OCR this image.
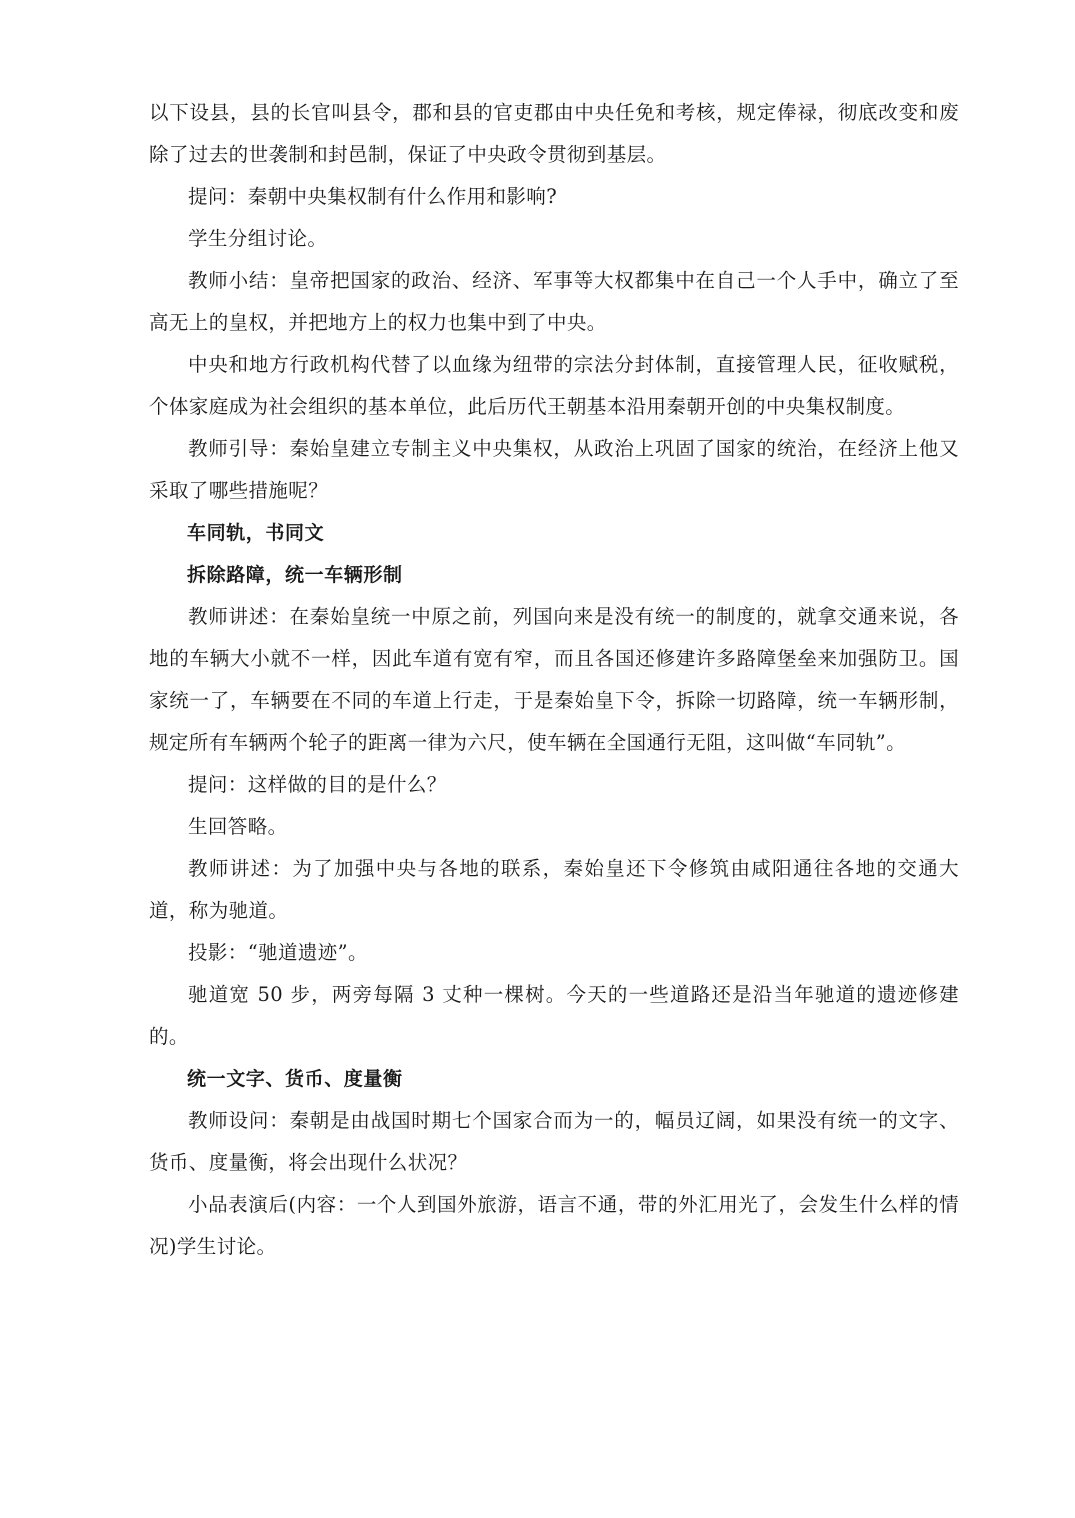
以下设县，县的长官叫县令，郡和县的官吏郡由中央任免和考核，规定俸禄，彻底改变和废除了过去的世袭制和封邑制，保证了中央政令贯彻到基层。

提问：秦朝中央集权制有什么作用和影响?

学生分组讨论。

教师小结：皇帝把国家的政治、经济、军事等大权都集中在自己一个人手中，确立了至高无上的皇权，并把地方上的权力也集中到了中央。

中央和地方行政机构代替了以血缘为纽带的宗法分封体制，直接管理人民，征收赋税，个体家庭成为社会组织的基本单位，此后历代王朝基本沿用秦朝开创的中央集权制度。

教师引导：秦始皇建立专制主义中央集权，从政治上巩固了国家的统治，在经济上他又采取了哪些措施呢？

车同轨，书同文

拆除路障，统一车辆形制

教师讲述：在秦始皇统一中原之前，列国向来是没有统一的制度的，就拿交通来说，各地的车辆大小就不一样，因此车道有宽有窄，而且各国还修建许多路障堡垒来加强防卫。国家统一了，车辆要在不同的车道上行走，于是秦始皇下令，拆除一切路障，统一车辆形制，规定所有车辆两个轮子的距离一律为六尺，使车辆在全国通行无阻，这叫做“车同轨”。

提问：这样做的目的是什么？

生回答略。

教师讲述：为了加强中央与各地的联系，秦始皇还下令修筑由咸阳通往各地的交通大道，称为驰道。

投影：“驰道遗迹”。

驰道宽 50 步，两旁每隔 3 丈种一棵树。今天的一些道路还是沿当年驰道的遗迹修建的。

统一文字、货币、度量衡

教师设问：秦朝是由战国时期七个国家合而为一的，幅员辽阔，如果没有统一的文字、货币、度量衡，将会出现什么状况？

小品表演后(内容：一个人到国外旅游，语言不通，带的外汇用光了，会发生什么样的情况)学生讨论。
